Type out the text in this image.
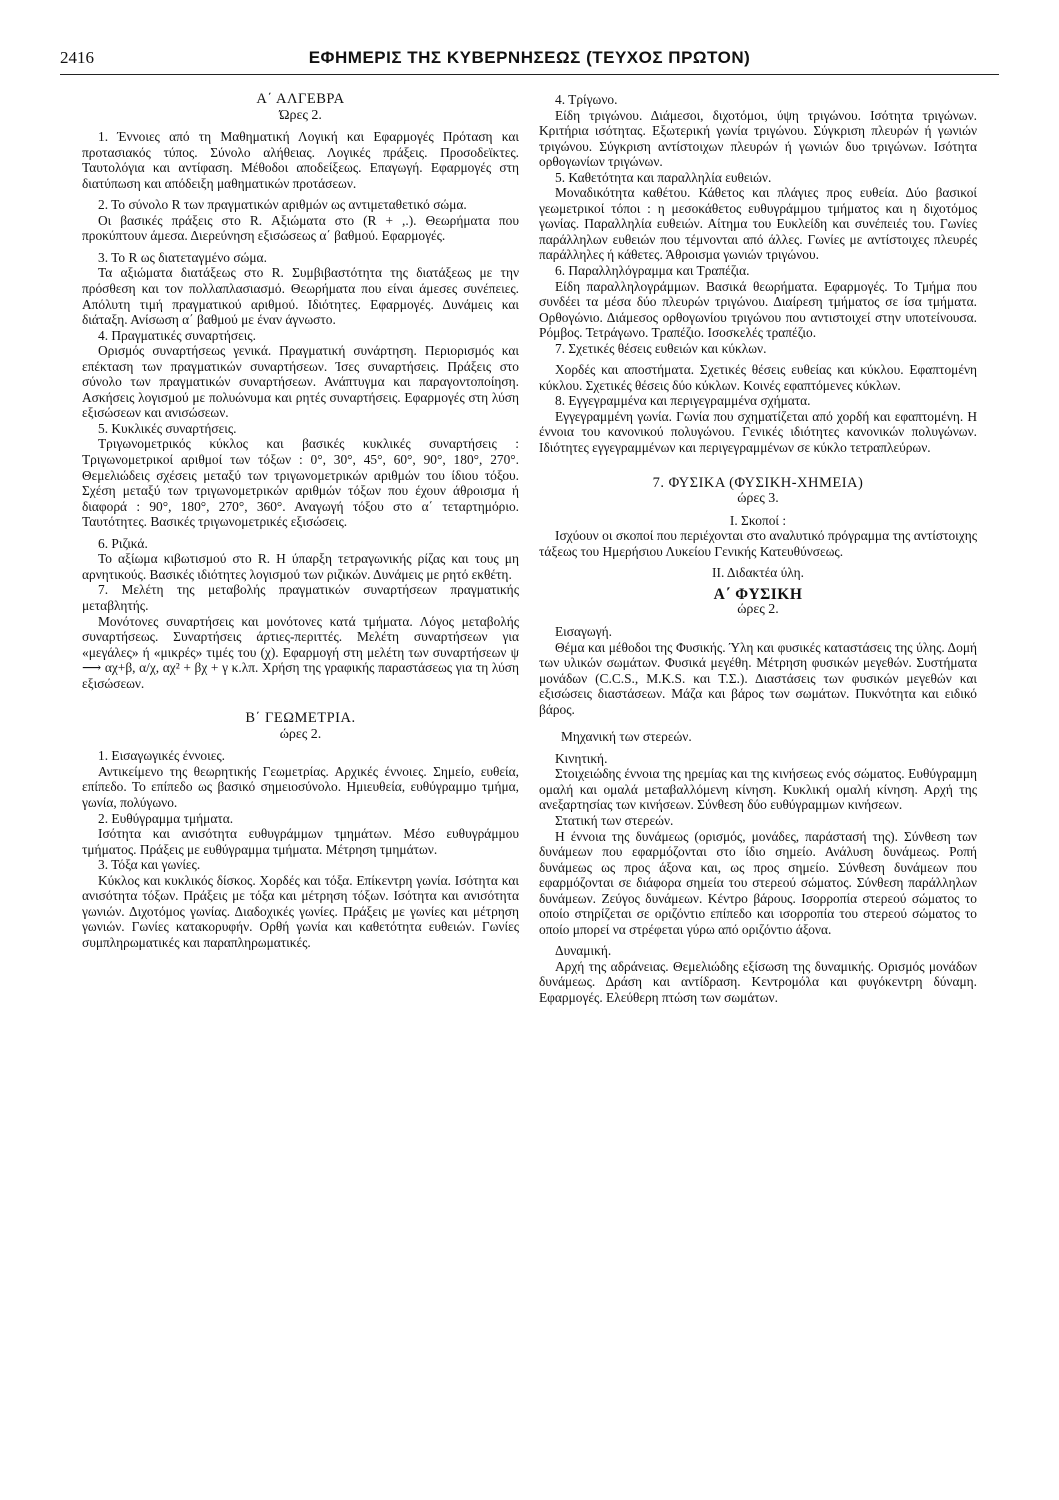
2416	ΕΦΗΜΕΡΙΣ ΤΗΣ ΚΥΒΕΡΝΗΣΕΩΣ (ΤΕΥΧΟΣ ΠΡΩΤΟΝ)
Α΄ ΑΛΓΕΒΡΑ
Ώρες 2.

1. Έννοιες από τη Μαθηματική Λογική και Εφαρμογές Πρόταση και προτασιακός τύπος. Σύνολο αλήθειας. Λογικές πράξεις. Προσοδεϊκτες. Ταυτολόγια και αντίφαση. Μέθοδοι αποδείξεως. Επαγωγή. Εφαρμογές στη διατύπωση και απόδειξη μαθηματικών προτάσεων.

2. Το σύνολο R των πραγματικών αριθμών ως αντιμεταθετικό σώμα.

Οι βασικές πράξεις στο R. Αξιώματα στο (R + ,.). Θεωρήματα που προκύπτουν άμεσα. Διερεύνηση εξισώσεως α΄ βαθμού. Εφαρμογές.

3. Το R ως διατεταγμένο σώμα.

Τα αξιώματα διατάξεως στο R. Συμβιβαστότητα της διατάξεως με την πρόσθεση και τον πολλαπλασιασμό. Θεωρήματα που είναι άμεσες συνέπειες. Απόλυτη τιμή πραγματικού αριθμού. Ιδιότητες. Εφαρμογές. Δυνάμεις και διάταξη. Ανίσωση α΄ βαθμού με έναν άγνωστο.

4. Πραγματικές συναρτήσεις.

Ορισμός συναρτήσεως γενικά. Πραγματική συνάρτηση. Περιορισμός και επέκταση των πραγματικών συναρτήσεων. Ίσες συναρτήσεις. Πράξεις στο σύνολο των πραγματικών συναρτήσεων. Ανάπτυγμα και παραγοντοποίηση. Ασκήσεις λογισμού με πολυώνυμα και ρητές συναρτήσεις. Εφαρμογές στη λύση εξισώσεων και ανισώσεων.

5. Κυκλικές συναρτήσεις.

Τριγωνομετρικός κύκλος και βασικές κυκλικές συναρτήσεις : Τριγωνομετρικοί αριθμοί των τόξων : 0°, 30°, 45°, 60°, 90°, 180°, 270°. Θεμελιώδεις σχέσεις μεταξύ των τριγωνομετρικών αριθμών του ίδιου τόξου. Σχέση μεταξύ των τριγωνομετρικών αριθμών τόξων που έχουν άθροισμα ή διαφορά : 90°, 180°, 270°, 360°. Αναγωγή τόξου στο α΄ τεταρτημόριο. Ταυτότητες. Βασικές τριγωνομετρικές εξισώσεις.

6. Ριζικά.

Το αξίωμα κιβωτισμού στο R. Η ύπαρξη τετραγωνικής ρίζας και τους μη αρνητικούς. Βασικές ιδιότητες λογισμού των ριζικών. Δυνάμεις με ρητό εκθέτη.

7. Μελέτη της μεταβολής πραγματικών συναρτήσεων πραγματικής μεταβλητής.

Μονότονες συναρτήσεις και μονότονες κατά τμήματα. Λόγος μεταβολής συναρτήσεως. Συναρτήσεις άρτιες-περιττές. Μελέτη συναρτήσεων για «μεγάλες» ή «μικρές» τιμές του (χ). Εφαρμογή στη μελέτη των συναρτήσεων ψ ⟶ αχ+β, α/χ, αχ² + βχ + γ κ.λπ. Χρήση της γραφικής παραστάσεως για τη λύση εξισώσεων.

Β΄ ΓΕΩΜΕΤΡΙΑ.
ώρες 2.

1. Εισαγωγικές έννοιες.

Αντικείμενο της θεωρητικής Γεωμετρίας. Αρχικές έννοιες. Σημείο, ευθεία, επίπεδο. Το επίπεδο ως βασικό σημειοσύνολο. Ημιευθεία, ευθύγραμμο τμήμα, γωνία, πολύγωνο.

2. Ευθύγραμμα τμήματα.

Ισότητα και ανισότητα ευθυγράμμων τμημάτων. Μέσο ευθυγράμμου τμήματος. Πράξεις με ευθύγραμμα τμήματα. Μέτρηση τμημάτων.

3. Τόξα και γωνίες.

Κύκλος και κυκλικός δίσκος. Χορδές και τόξα. Επίκεντρη γωνία. Ισότητα και ανισότητα τόξων. Πράξεις με τόξα και μέτρηση τόξων. Ισότητα και ανισότητα γωνιών. Διχοτόμος γωνίας. Διαδοχικές γωνίες. Πράξεις με γωνίες και μέτρηση γωνιών. Γωνίες κατακορυφήν. Ορθή γωνία και καθετότητα ευθειών. Γωνίες συμπληρωματικές και παραπληρωματικές.

4. Τρίγωνο.

Είδη τριγώνου. Διάμεσοι, διχοτόμοι, ύψη τριγώνου. Ισότητα τριγώνων. Κριτήρια ισότητας. Εξωτερική γωνία τριγώνου. Σύγκριση πλευρών ή γωνιών τριγώνου. Σύγκριση αντίστοιχων πλευρών ή γωνιών δυο τριγώνων. Ισότητα ορθογωνίων τριγώνων.

5. Καθετότητα και παραλληλία ευθειών.

Μοναδικότητα καθέτου. Κάθετος και πλάγιες προς ευθεία. Δύο βασικοί γεωμετρικοί τόποι : η μεσοκάθετος ευθυγράμμου τμήματος και η διχοτόμος γωνίας. Παραλληλία ευθειών. Αίτημα του Ευκλείδη και συνέπειές του. Γωνίες παράλληλων ευθειών που τέμνονται από άλλες. Γωνίες με αντίστοιχες πλευρές παράλληλες ή κάθετες. Άθροισμα γωνιών τριγώνου.

6. Παραλληλόγραμμα και Τραπέζια.

Είδη παραλληλογράμμων. Βασικά θεωρήματα. Εφαρμογές. Το Τμήμα που συνδέει τα μέσα δύο πλευρών τριγώνου. Διαίρεση τμήματος σε ίσα τμήματα. Ορθογώνιο. Διάμεσος ορθογωνίου τριγώνου που αντιστοιχεί στην υποτείνουσα. Ρόμβος. Τετράγωνο. Τραπέζιο. Ισοσκελές τραπέζιο.

7. Σχετικές θέσεις ευθειών και κύκλων.

Χορδές και αποστήματα. Σχετικές θέσεις ευθείας και κύκλου. Εφαπτομένη κύκλου. Σχετικές θέσεις δύο κύκλων. Κοινές εφαπτόμενες κύκλων.

8. Εγγεγραμμένα και περιγεγραμμένα σχήματα.

Εγγεγραμμένη γωνία. Γωνία που σχηματίζεται από χορδή και εφαπτομένη. Η έννοια του κανονικού πολυγώνου. Γενικές ιδιότητες κανονικών πολυγώνων. Ιδιότητες εγγεγραμμένων και περιγεγραμμένων σε κύκλο τετραπλεύρων.

7. ΦΥΣΙΚΑ (ΦΥΣΙΚΗ-ΧΗΜΕΙΑ)
ώρες 3.

Ι. Σκοποί :

Ισχύουν οι σκοποί που περιέχονται στο αναλυτικό πρόγραμμα της αντίστοιχης τάξεως του Ημερήσιου Λυκείου Γενικής Κατευθύνσεως.

ΙΙ. Διδακτέα ύλη.

Α΄ ΦΥΣΙΚΗ
ώρες 2.

Εισαγωγή.

Θέμα και μέθοδοι της Φυσικής. Ύλη και φυσικές καταστάσεις της ύλης. Δομή των υλικών σωμάτων. Φυσικά μεγέθη. Μέτρηση φυσικών μεγεθών. Συστήματα μονάδων (C.C.S., M.K.S. και Τ.Σ.). Διαστάσεις των φυσικών μεγεθών και εξισώσεις διαστάσεων. Μάζα και βάρος των σωμάτων. Πυκνότητα και ειδικό βάρος.

Μηχανική των στερεών.

Κινητική.

Στοιχειώδης έννοια της ηρεμίας και της κινήσεως ενός σώματος. Ευθύγραμμη ομαλή και ομαλά μεταβαλλόμενη κίνηση. Κυκλική ομαλή κίνηση. Αρχή της ανεξαρτησίας των κινήσεων. Σύνθεση δύο ευθύγραμμων κινήσεων.

Στατική των στερεών.

Η έννοια της δυνάμεως (ορισμός, μονάδες, παράστασή της). Σύνθεση των δυνάμεων που εφαρμόζονται στο ίδιο σημείο. Ανάλυση δυνάμεως. Ροπή δυνάμεως ως προς άξονα και, ως προς σημείο. Σύνθεση δυνάμεων που εφαρμόζονται σε διάφορα σημεία του στερεού σώματος. Σύνθεση παράλληλων δυνάμεων. Ζεύγος δυνάμεων. Κέντρο βάρους. Ισορροπία στερεού σώματος το οποίο στηρίζεται σε οριζόντιο επίπεδο και ισορροπία του στερεού σώματος το οποίο μπορεί να στρέφεται γύρω από οριζόντιο άξονα.

Δυναμική.

Αρχή της αδράνειας. Θεμελιώδης εξίσωση της δυναμικής. Ορισμός μονάδων δυνάμεως. Δράση και αντίδραση. Κεντρομόλα και φυγόκεντρη δύναμη. Εφαρμογές. Ελεύθερη πτώση των σωμάτων.
